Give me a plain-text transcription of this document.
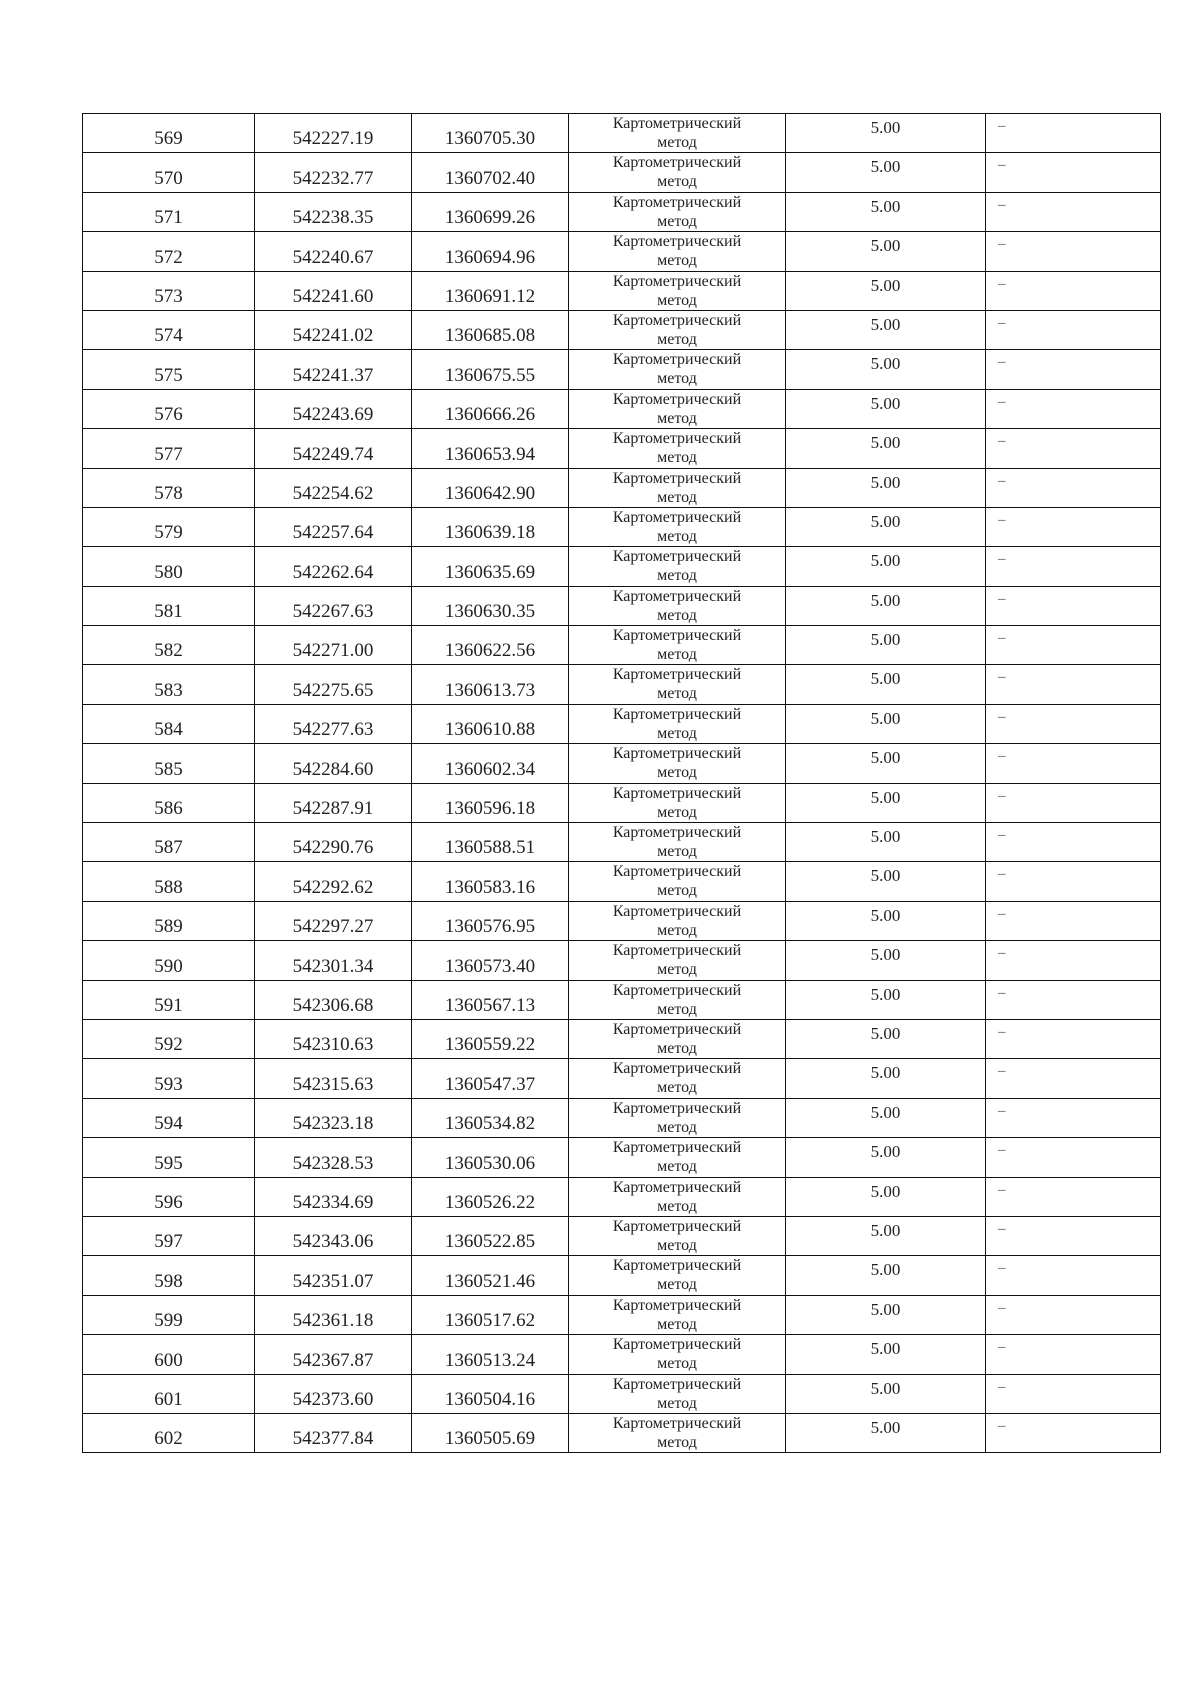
569	542227.19	1360705.30	Картометрический
метод	5.00	–
570	542232.77	1360702.40	Картометрический
метод	5.00	–
571	542238.35	1360699.26	Картометрический
метод	5.00	–
572	542240.67	1360694.96	Картометрический
метод	5.00	–
573	542241.60	1360691.12	Картометрический
метод	5.00	–
574	542241.02	1360685.08	Картометрический
метод	5.00	–
575	542241.37	1360675.55	Картометрический
метод	5.00	–
576	542243.69	1360666.26	Картометрический
метод	5.00	–
577	542249.74	1360653.94	Картометрический
метод	5.00	–
578	542254.62	1360642.90	Картометрический
метод	5.00	–
579	542257.64	1360639.18	Картометрический
метод	5.00	–
580	542262.64	1360635.69	Картометрический
метод	5.00	–
581	542267.63	1360630.35	Картометрический
метод	5.00	–
582	542271.00	1360622.56	Картометрический
метод	5.00	–
583	542275.65	1360613.73	Картометрический
метод	5.00	–
584	542277.63	1360610.88	Картометрический
метод	5.00	–
585	542284.60	1360602.34	Картометрический
метод	5.00	–
586	542287.91	1360596.18	Картометрический
метод	5.00	–
587	542290.76	1360588.51	Картометрический
метод	5.00	–
588	542292.62	1360583.16	Картометрический
метод	5.00	–
589	542297.27	1360576.95	Картометрический
метод	5.00	–
590	542301.34	1360573.40	Картометрический
метод	5.00	–
591	542306.68	1360567.13	Картометрический
метод	5.00	–
592	542310.63	1360559.22	Картометрический
метод	5.00	–
593	542315.63	1360547.37	Картометрический
метод	5.00	–
594	542323.18	1360534.82	Картометрический
метод	5.00	–
595	542328.53	1360530.06	Картометрический
метод	5.00	–
596	542334.69	1360526.22	Картометрический
метод	5.00	–
597	542343.06	1360522.85	Картометрический
метод	5.00	–
598	542351.07	1360521.46	Картометрический
метод	5.00	–
599	542361.18	1360517.62	Картометрический
метод	5.00	–
600	542367.87	1360513.24	Картометрический
метод	5.00	–
601	542373.60	1360504.16	Картометрический
метод	5.00	–
602	542377.84	1360505.69	Картометрический
метод	5.00	–
